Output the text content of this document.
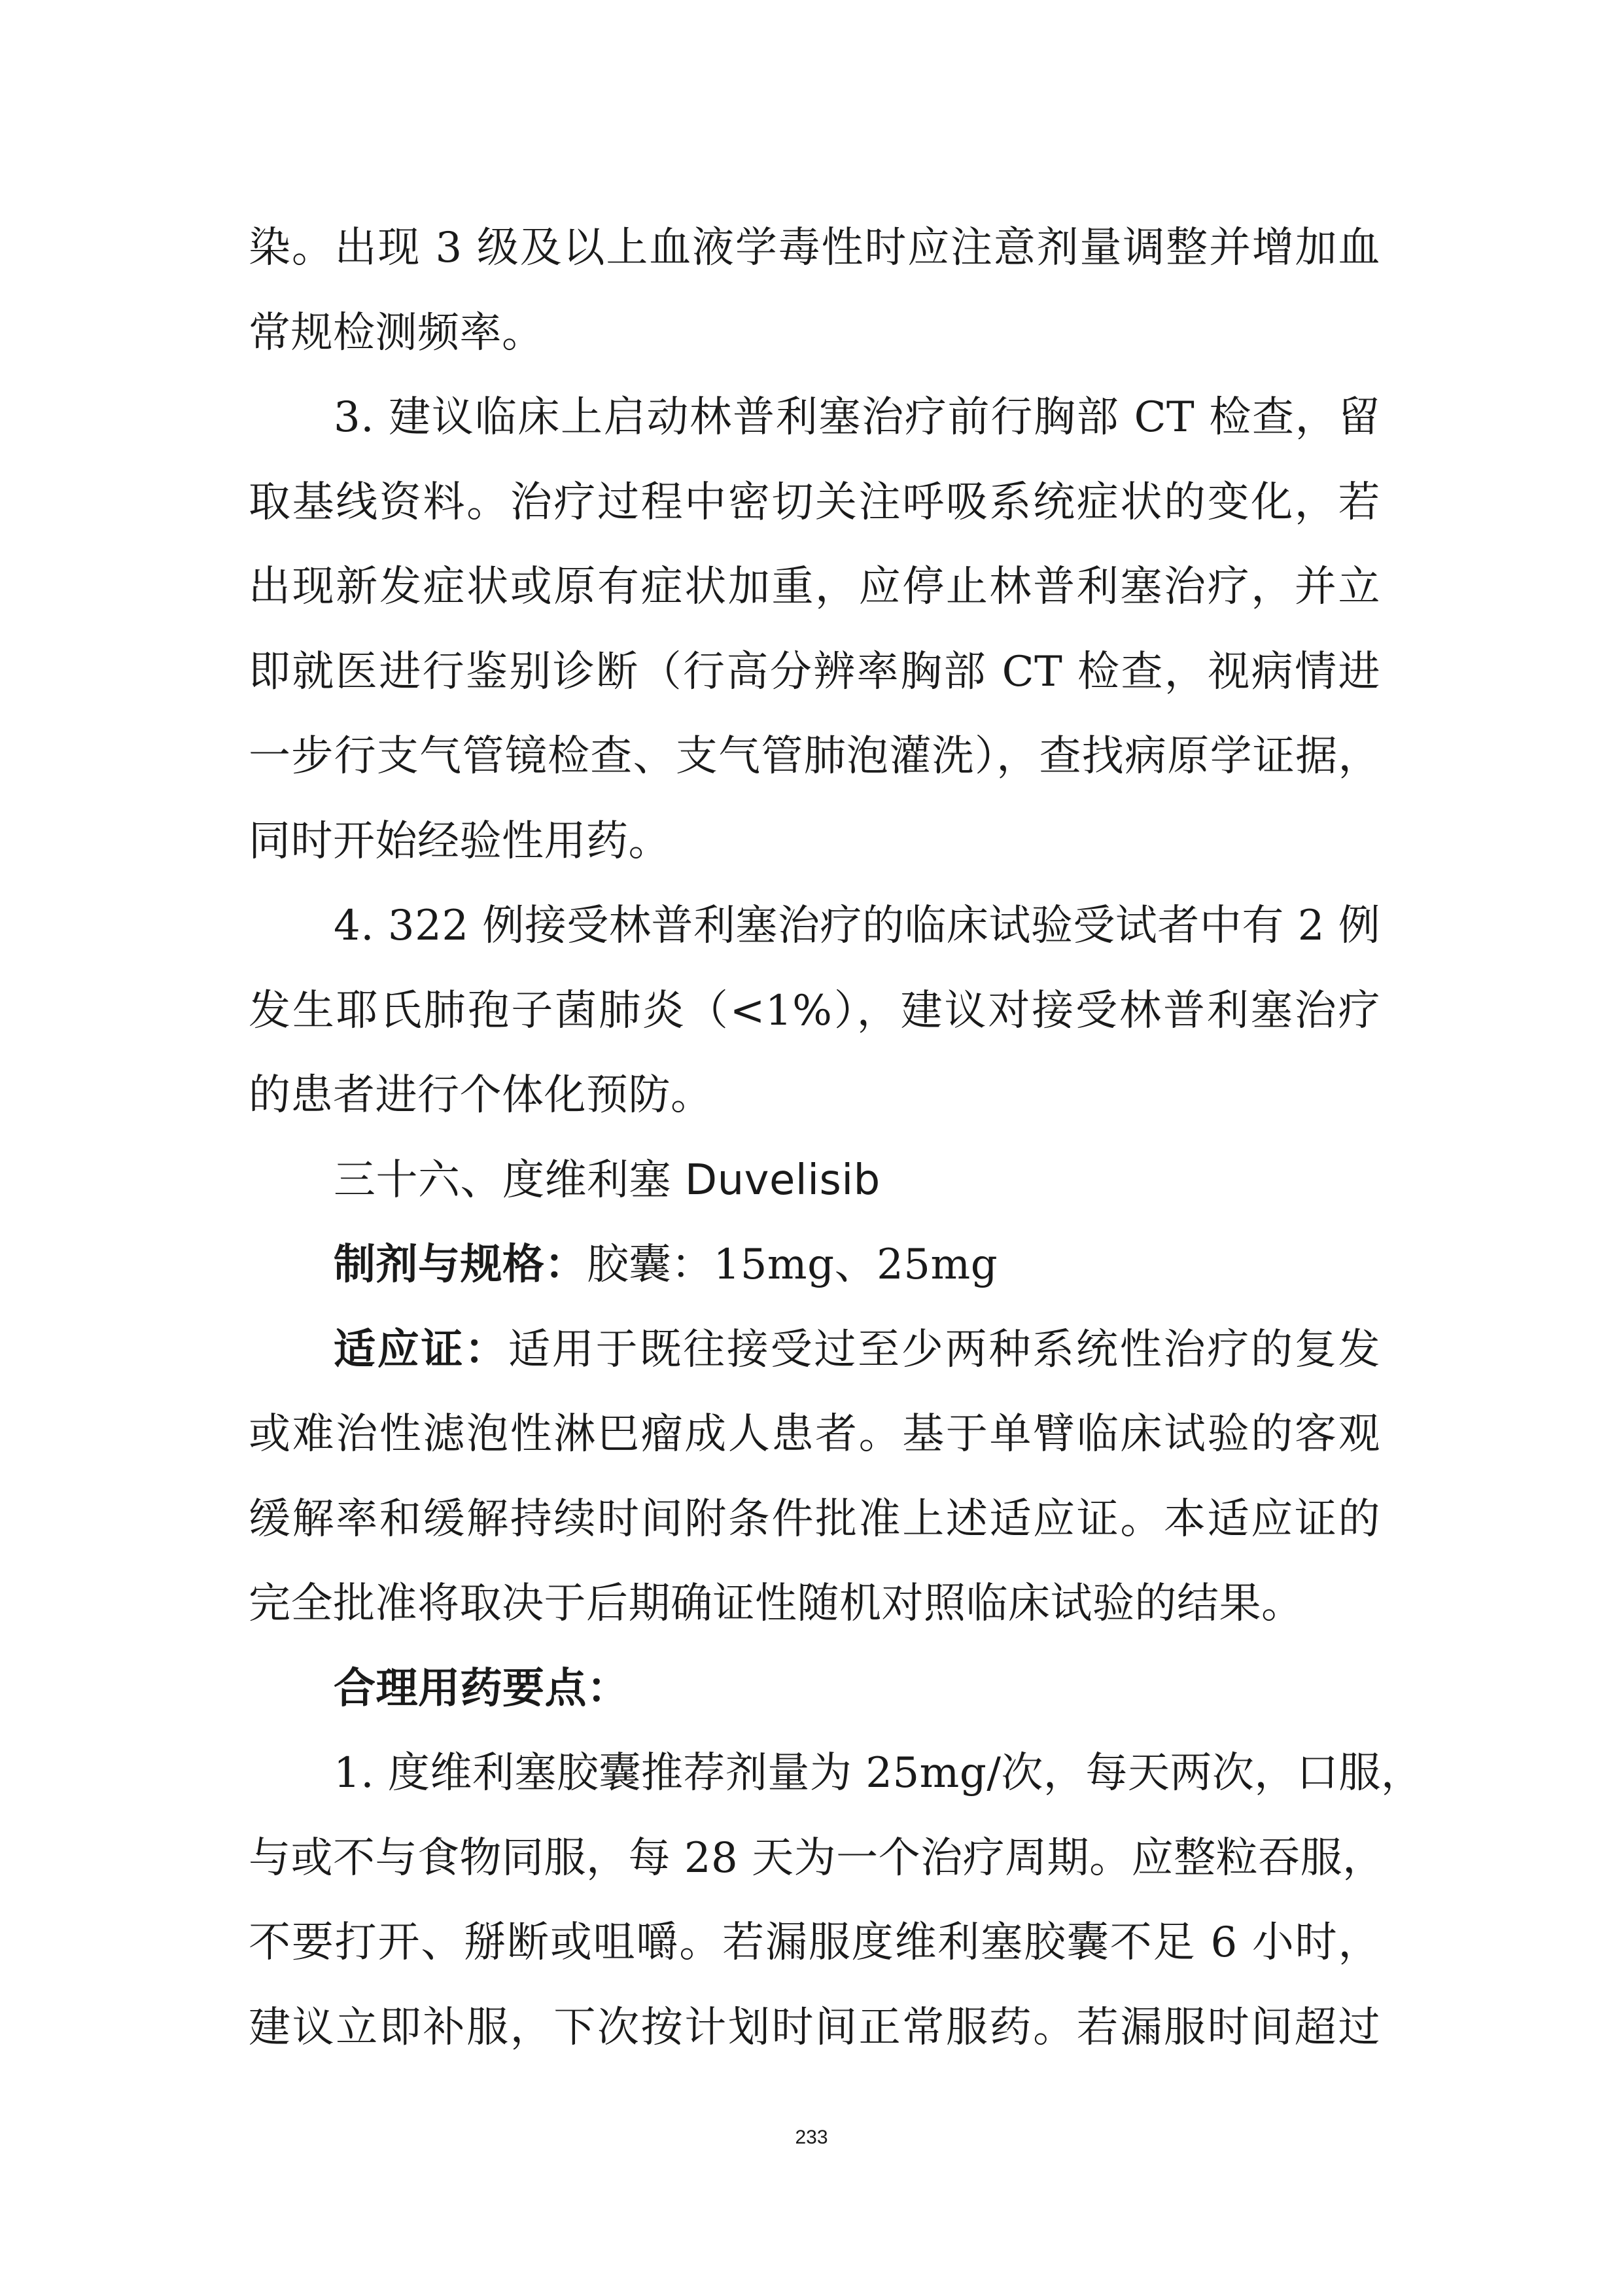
染。出现 3 级及以上血液学毒性时应注意剂量调整并增加血
常规检测频率。
3. 建议临床上启动林普利塞治疗前行胸部 CT 检查，留
取基线资料。治疗过程中密切关注呼吸系统症状的变化，若
出现新发症状或原有症状加重，应停止林普利塞治疗，并立
即就医进行鉴别诊断（行高分辨率胸部 CT 检查，视病情进
一步行支气管镜检查、支气管肺泡灌洗），查找病原学证据，
同时开始经验性用药。
4. 322 例接受林普利塞治疗的临床试验受试者中有 2 例
发生耶氏肺孢子菌肺炎（<1%），建议对接受林普利塞治疗
的患者进行个体化预防。
三十六、度维利塞 Duvelisib
制剂与规格：胶囊：15mg、25mg
适应证：适用于既往接受过至少两种系统性治疗的复发
或难治性滤泡性淋巴瘤成人患者。基于单臂临床试验的客观
缓解率和缓解持续时间附条件批准上述适应证。本适应证的
完全批准将取决于后期确证性随机对照临床试验的结果。
合理用药要点：
1. 度维利塞胶囊推荐剂量为 25mg/次，每天两次，口服，
与或不与食物同服，每 28 天为一个治疗周期。应整粒吞服，
不要打开、掰断或咀嚼。若漏服度维利塞胶囊不足 6 小时，
建议立即补服，下次按计划时间正常服药。若漏服时间超过
233
